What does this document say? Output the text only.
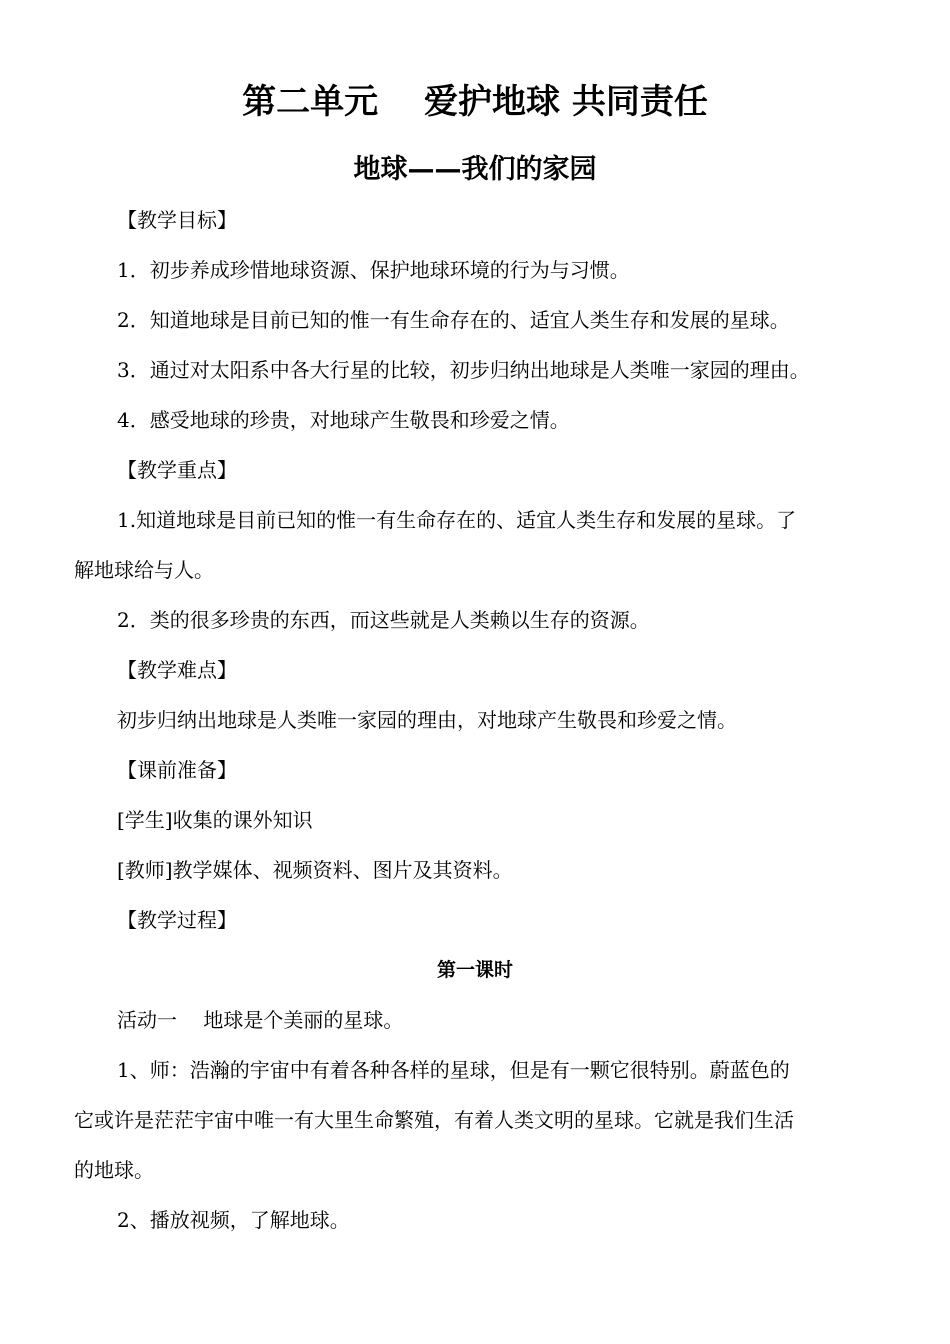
第二单元　 爱护地球 共同责任
地球——我们的家园
【教学目标】
1．初步养成珍惜地球资源、保护地球环境的行为与习惯。
2．知道地球是目前已知的惟一有生命存在的、适宜人类生存和发展的星球。
3．通过对太阳系中各大行星的比较，初步归纳出地球是人类唯一家园的理由。
4．感受地球的珍贵，对地球产生敬畏和珍爱之情。
【教学重点】
1.知道地球是目前已知的惟一有生命存在的、适宜人类生存和发展的星球。了
解地球给与人。
2．类的很多珍贵的东西，而这些就是人类赖以生存的资源。
【教学难点】
初步归纳出地球是人类唯一家园的理由，对地球产生敬畏和珍爱之情。
【课前准备】
[学生]收集的课外知识
[教师]教学媒体、视频资料、图片及其资料。
【教学过程】
第一课时
活动一　 地球是个美丽的星球。
1、师：浩瀚的宇宙中有着各种各样的星球，但是有一颗它很特别。蔚蓝色的
它或许是茫茫宇宙中唯一有大里生命繁殖，有着人类文明的星球。它就是我们生活
的地球。
2、播放视频，了解地球。
